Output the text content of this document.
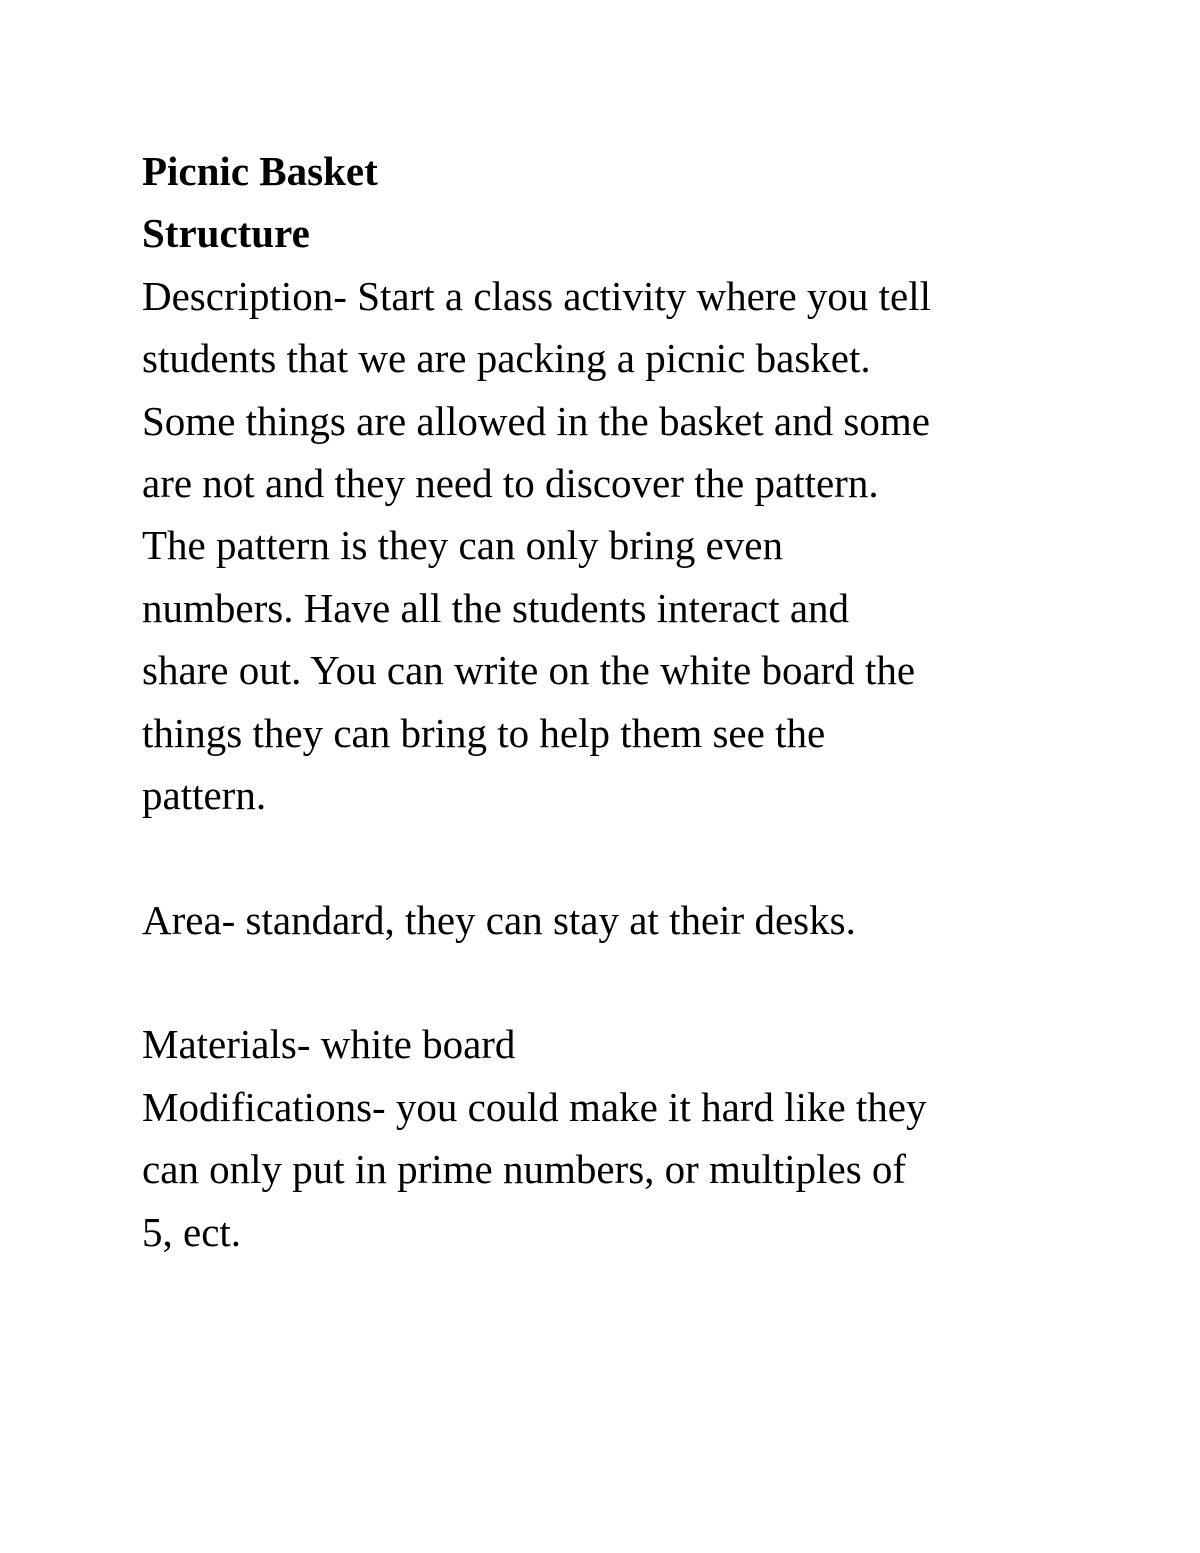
Picnic Basket
Structure
Description- Start a class activity where you tell
students that we are packing a picnic basket.
Some things are allowed in the basket and some
are not and they need to discover the pattern.
The pattern is they can only bring even
numbers. Have all the students interact and
share out. You can write on the white board the
things they can bring to help them see the
pattern.
Area- standard, they can stay at their desks.
Materials- white board
Modifications- you could make it hard like they
can only put in prime numbers, or multiples of
5, ect.
